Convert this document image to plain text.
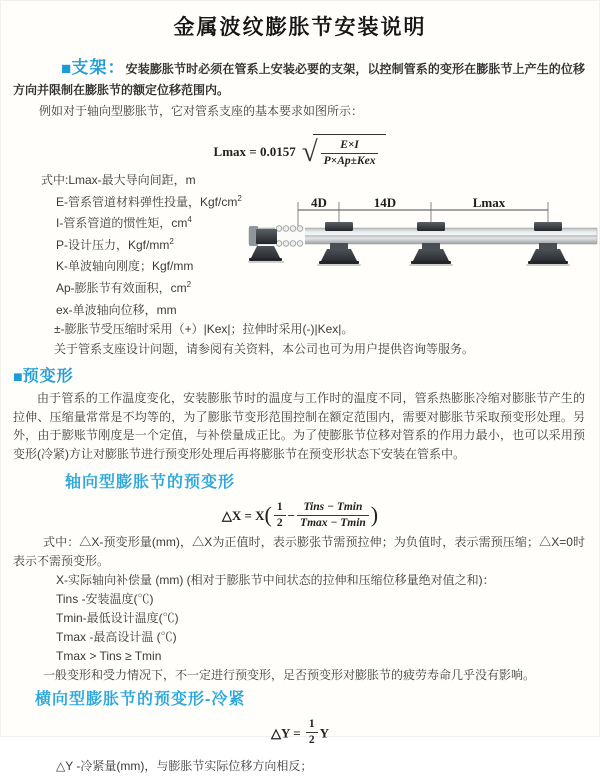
金属波纹膨胀节安装说明

■支架：安装膨胀节时必须在管系上安装必要的支架，以控制管系的变形在膨胀节上产生的位移方向并限制在膨胀节的额定位移范围内。

例如对于轴向型膨胀节，它对管系支座的基本要求如图所示：

Lmax = 0.0157 √ $\frac{E\times I}{\text{P×Ap±Kex}}$
4D	14D	Lmax
式中:Lmax-最大导向间距，m
E-管系管道材料弹性投量，Kgf/$cm^2$
I-管系管道的惯性矩，$cm^4$
P-设计压力，Kgf/$mm^2$
K-单波轴向刚度；Kgf/mm
Ap-膨胀节有效面积，$cm^2$
ex-单波轴向位移，mm
±-膨胀节受压缩时采用（+）|Kex|；拉伸时采用(-)|Kex|。
关于管系支座设计问题，请参阅有关资料，本公司也可为用户提供咨询等服务。
■预变形

由于管系的工作温度变化，安装膨胀节时的温度与工作时的温度不同，管系热膨胀冷缩对膨胀节产生的拉伸、压缩量常常是不均等的，为了膨胀节变形范围控制在额定范围内，需要对膨胀节采取预变形处理。另外，由于膨账节刚度是一个定值，与补偿量成正比。为了使膨胀节位移对管系的作用力最小，也可以采用预变形(冷紧)方让对膨胀节进行预变形处理后再将膨胀节在预变形状态下安装在管系中。

轴向型膨胀节的预变形
△X = $X( \frac{1}{2} - \frac{\text{Tins − Tmin}}{Tmax - Tmin}$ )

式中：△X-预变形量(mm)，△X为正值时，表示膨张节需预拉伸；为负值时，表示需预压缩；△X=0时表示不需预变形。

X-实际轴向补偿量 (mm) (相对于膨胀节中间状态的拉伸和压缩位移量绝对值之和)：
Tins -安装温度(℃)
Tmin-最低设计温度(℃)
Tmax -最高设计温 (℃)
Tmax > Tins ≥ Tmin

一般变形和受力情况下，不一定进行预变形，足否预变形对膨胀节的疲劳寿命几乎没有影响。

横向型膨胀节的预变形-冷紧
△Y = $\frac{1}{2}$ Y
△Y -冷紧量(mm)，与膨胀节实际位移方向相反；
